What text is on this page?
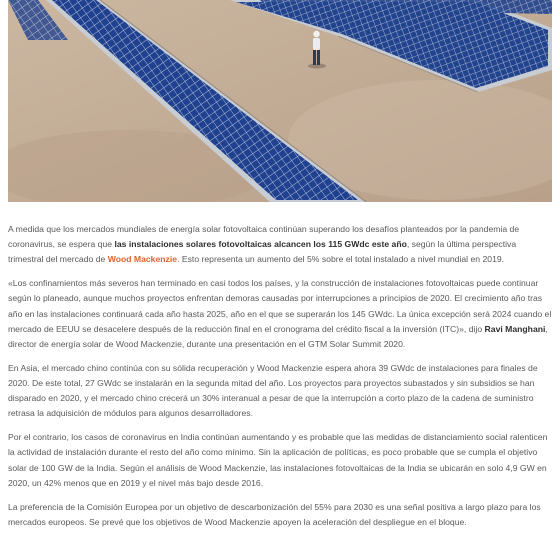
A medida que los mercados mundiales de energía solar fotovoltaica continúan superando los desafíos planteados por la pandemia de coronavirus, se espera que las instalaciones solares fotovoltaicas alcancen los 115 GWdc este año, según la última perspectiva trimestral del mercado de Wood Mackenzie. Esto representa un aumento del 5% sobre el total instalado a nivel mundial en 2019.

«Los confinamientos más severos han terminado en casi todos los países, y la construcción de instalaciones fotovoltaicas puede continuar según lo planeado, aunque muchos proyectos enfrentan demoras causadas por interrupciones a principios de 2020. El crecimiento año tras año en las instalaciones continuará cada año hasta 2025, año en el que se superarán los 145 GWdc. La única excepción será 2024 cuando el mercado de EEUU se desacelere después de la reducción final en el cronograma del crédito fiscal a la inversión (ITC)», dijo Ravi Manghani, director de energía solar de Wood Mackenzie, durante una presentación en el GTM Solar Summit 2020.

En Asia, el mercado chino continúa con su sólida recuperación y Wood Mackenzie espera ahora 39 GWdc de instalaciones para finales de 2020. De este total, 27 GWdc se instalarán en la segunda mitad del año. Los proyectos para proyectos subastados y sin subsidios se han disparado en 2020, y el mercado chino crecerá un 30% interanual a pesar de que la interrupción a corto plazo de la cadena de suministro retrasa la adquisición de módulos para algunos desarrolladores.

Por el contrario, los casos de coronavirus en India continúan aumentando y es probable que las medidas de distanciamiento social ralenticen la actividad de instalación durante el resto del año como mínimo. Sin la aplicación de políticas, es poco probable que se cumpla el objetivo solar de 100 GW de la India. Según el análisis de Wood Mackenzie, las instalaciones fotovoltaicas de la India se ubicarán en solo 4,9 GW en 2020, un 42% menos que en 2019 y el nivel más bajo desde 2016.

La preferencia de la Comisión Europea por un objetivo de descarbonización del 55% para 2030 es una señal positiva a largo plazo para los mercados europeos. Se prevé que los objetivos de Wood Mackenzie apoyen la aceleración del despliegue en el bloque.
